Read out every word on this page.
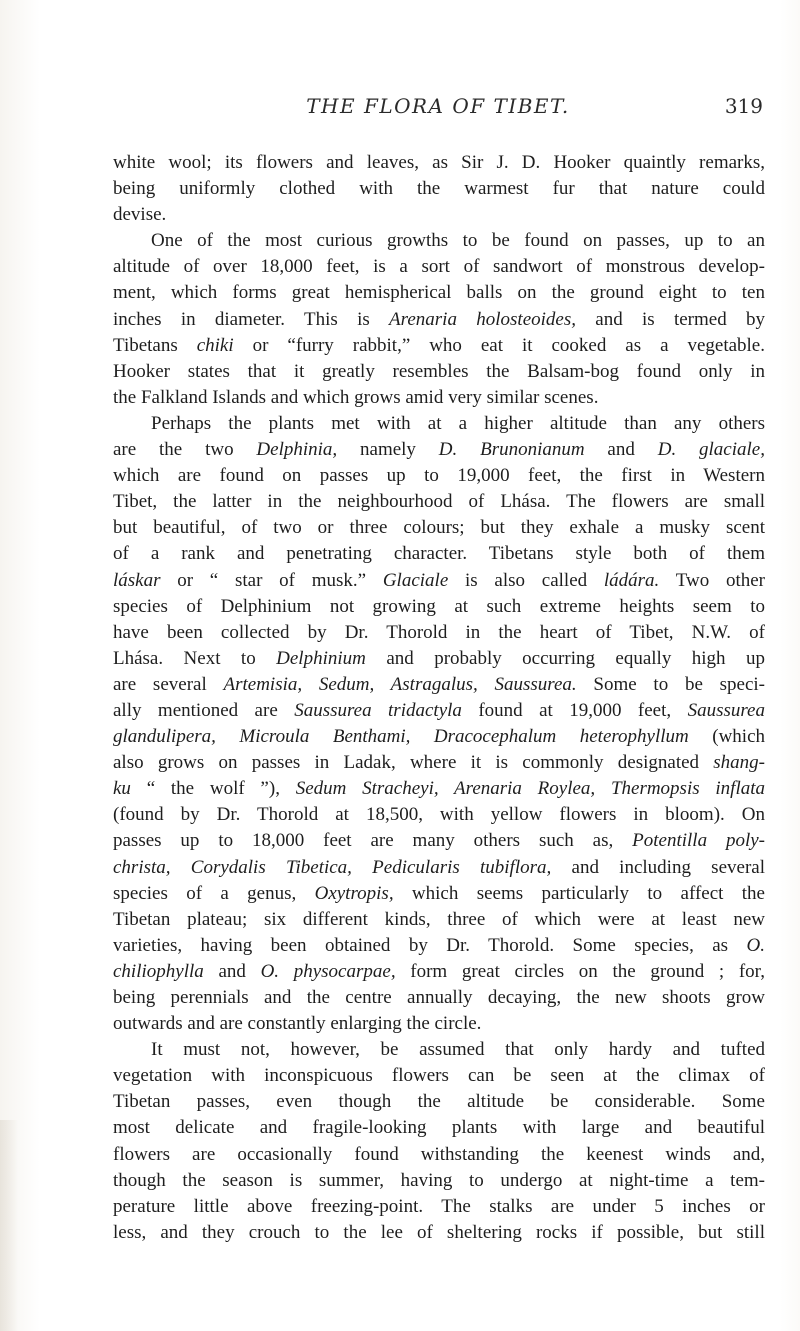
THE FLORA OF TIBET.	319
white wool; its flowers and leaves, as Sir J. D. Hooker quaintly remarks,
being uniformly clothed with the warmest fur that nature could
devise.
One of the most curious growths to be found on passes, up to an
altitude of over 18,000 feet, is a sort of sandwort of monstrous develop-
ment, which forms great hemispherical balls on the ground eight to ten
inches in diameter. This is Arenaria holosteoides, and is termed by
Tibetans chiki or “furry rabbit,” who eat it cooked as a vegetable.
Hooker states that it greatly resembles the Balsam-bog found only in
the Falkland Islands and which grows amid very similar scenes.
Perhaps the plants met with at a higher altitude than any others
are the two Delphinia, namely D. Brunonianum and D. glaciale,
which are found on passes up to 19,000 feet, the first in Western
Tibet, the latter in the neighbourhood of Lhása. The flowers are small
but beautiful, of two or three colours; but they exhale a musky scent
of a rank and penetrating character. Tibetans style both of them
láskar or “ star of musk.” Glaciale is also called ládára. Two other
species of Delphinium not growing at such extreme heights seem to
have been collected by Dr. Thorold in the heart of Tibet, N.W. of
Lhása. Next to Delphinium and probably occurring equally high up
are several Artemisia, Sedum, Astragalus, Saussurea. Some to be speci-
ally mentioned are Saussurea tridactyla found at 19,000 feet, Saussurea
glandulipera, Microula Benthami, Dracocephalum heterophyllum (which
also grows on passes in Ladak, where it is commonly designated shang-
ku “ the wolf ”), Sedum Stracheyi, Arenaria Roylea, Thermopsis inflata
(found by Dr. Thorold at 18,500, with yellow flowers in bloom). On
passes up to 18,000 feet are many others such as, Potentilla poly-
christa, Corydalis Tibetica, Pedicularis tubiflora, and including several
species of a genus, Oxytropis, which seems particularly to affect the
Tibetan plateau; six different kinds, three of which were at least new
varieties, having been obtained by Dr. Thorold. Some species, as O.
chiliophylla and O. physocarpae, form great circles on the ground ; for,
being perennials and the centre annually decaying, the new shoots grow
outwards and are constantly enlarging the circle.
It must not, however, be assumed that only hardy and tufted
vegetation with inconspicuous flowers can be seen at the climax of
Tibetan passes, even though the altitude be considerable. Some
most delicate and fragile-looking plants with large and beautiful
flowers are occasionally found withstanding the keenest winds and,
though the season is summer, having to undergo at night-time a tem-
perature little above freezing-point. The stalks are under 5 inches or
less, and they crouch to the lee of sheltering rocks if possible, but still
